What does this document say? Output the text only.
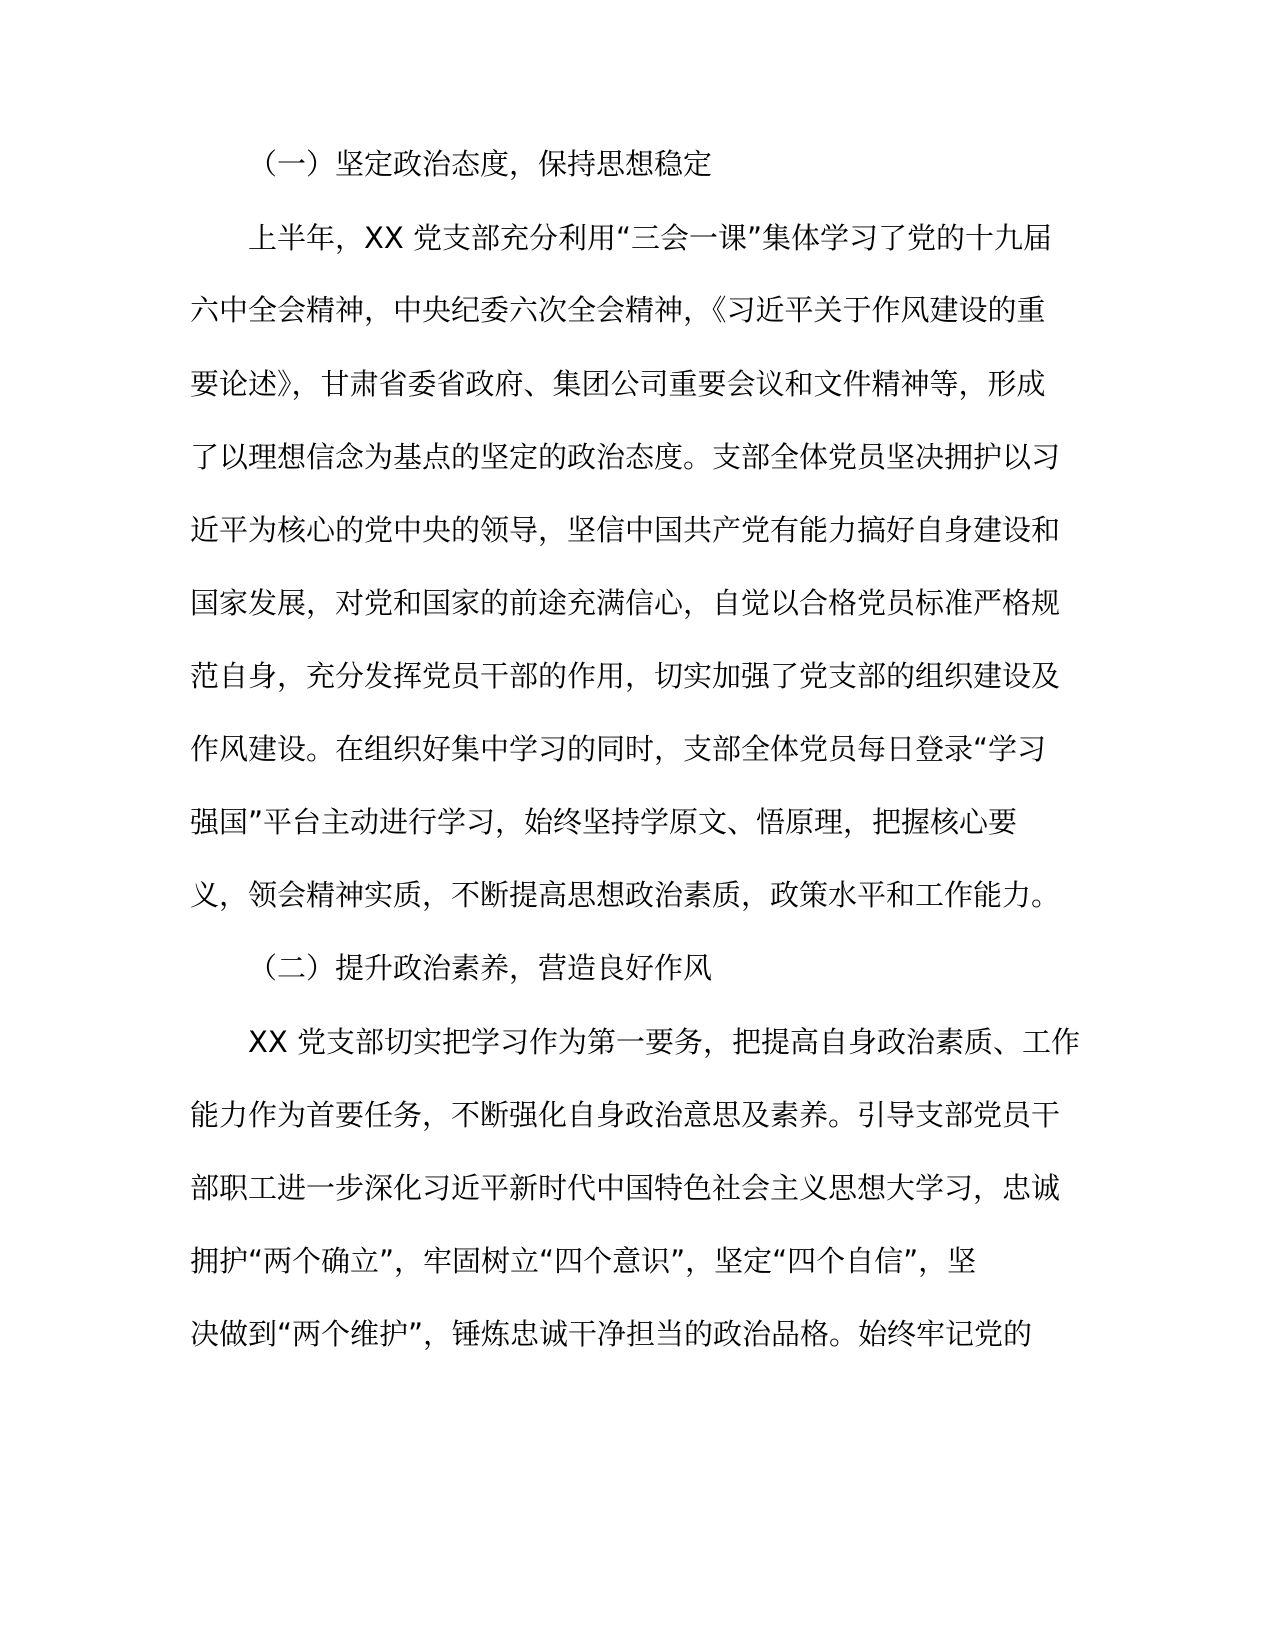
（一）坚定政治态度，保持思想稳定
上半年，XX 党支部充分利用“三会一课”集体学习了党的十九届
六中全会精神，中央纪委六次全会精神，《习近平关于作风建设的重
要论述》，甘肃省委省政府、集团公司重要会议和文件精神等，形成
了以理想信念为基点的坚定的政治态度。支部全体党员坚决拥护以习
近平为核心的党中央的领导，坚信中国共产党有能力搞好自身建设和
国家发展，对党和国家的前途充满信心，自觉以合格党员标准严格规
范自身，充分发挥党员干部的作用，切实加强了党支部的组织建设及
作风建设。在组织好集中学习的同时，支部全体党员每日登录“学习
强国”平台主动进行学习，始终坚持学原文、悟原理，把握核心要
义，领会精神实质，不断提高思想政治素质，政策水平和工作能力。
（二）提升政治素养，营造良好作风
XX 党支部切实把学习作为第一要务，把提高自身政治素质、工作
能力作为首要任务，不断强化自身政治意思及素养。引导支部党员干
部职工进一步深化习近平新时代中国特色社会主义思想大学习，忠诚
拥护“两个确立”，牢固树立“四个意识”，坚定“四个自信”，坚
决做到“两个维护”，锤炼忠诚干净担当的政治品格。始终牢记党的
